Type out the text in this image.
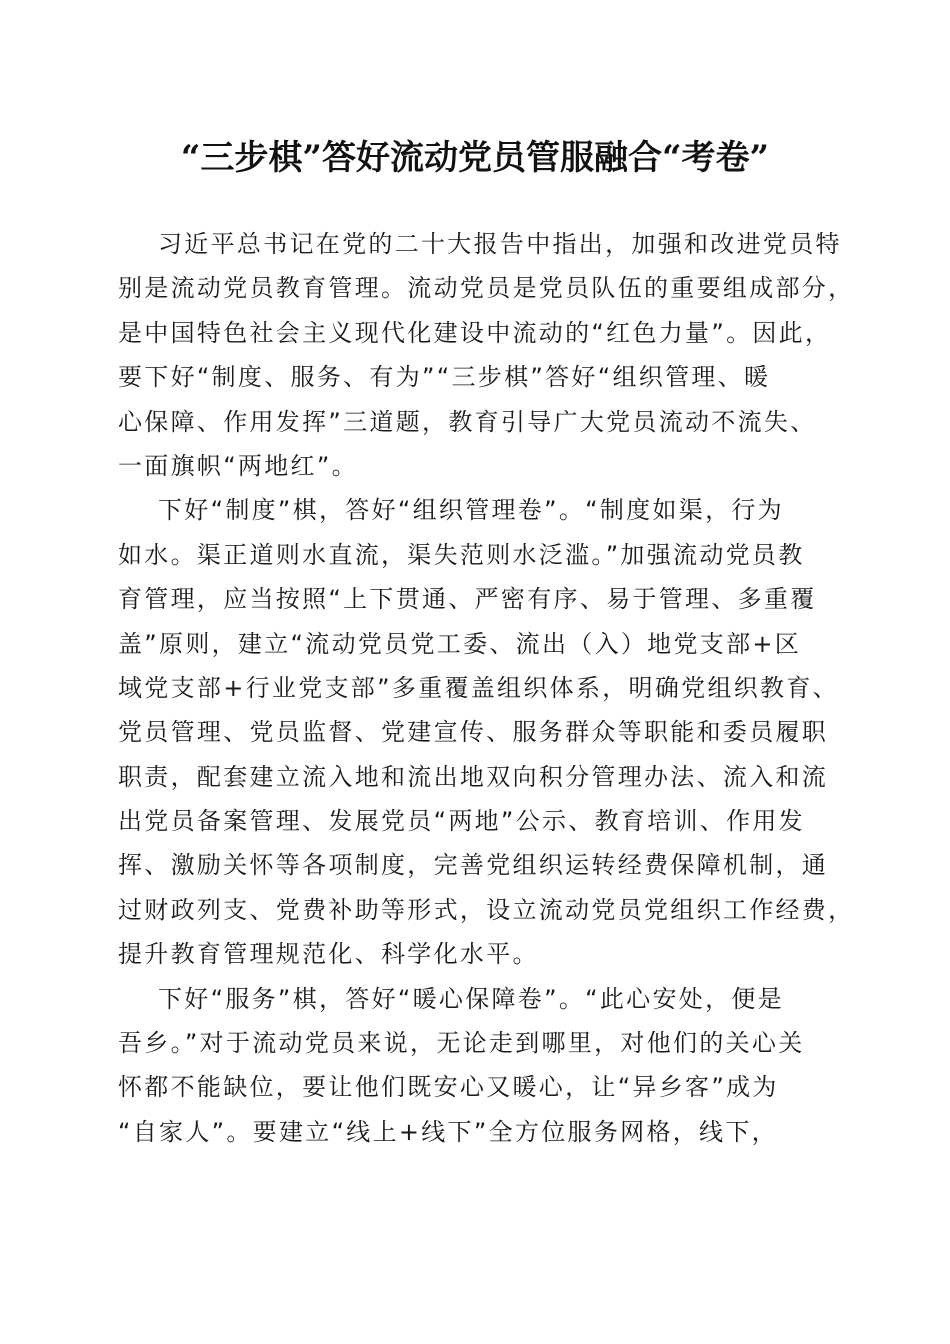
“三步棋”答好流动党员管服融合“考卷”
习近平总书记在党的二十大报告中指出，加强和改进党员特
别是流动党员教育管理。流动党员是党员队伍的重要组成部分，
是中国特色社会主义现代化建设中流动的“红色力量”。因此，
要下好“制度、服务、有为”“三步棋”答好“组织管理、暖
心保障、作用发挥”三道题，教育引导广大党员流动不流失、
一面旗帜“两地红”。
下好“制度”棋，答好“组织管理卷”。“制度如渠，行为
如水。渠正道则水直流，渠失范则水泛滥。”加强流动党员教
育管理，应当按照“上下贯通、严密有序、易于管理、多重覆
盖”原则，建立“流动党员党工委、流出（入）地党支部+区
域党支部+行业党支部”多重覆盖组织体系，明确党组织教育、
党员管理、党员监督、党建宣传、服务群众等职能和委员履职
职责，配套建立流入地和流出地双向积分管理办法、流入和流
出党员备案管理、发展党员“两地”公示、教育培训、作用发
挥、激励关怀等各项制度，完善党组织运转经费保障机制，通
过财政列支、党费补助等形式，设立流动党员党组织工作经费，
提升教育管理规范化、科学化水平。
下好“服务”棋，答好“暖心保障卷”。“此心安处，便是
吾乡。”对于流动党员来说，无论走到哪里，对他们的关心关
怀都不能缺位，要让他们既安心又暖心，让“异乡客”成为
“自家人”。要建立“线上+线下”全方位服务网格，线下，
